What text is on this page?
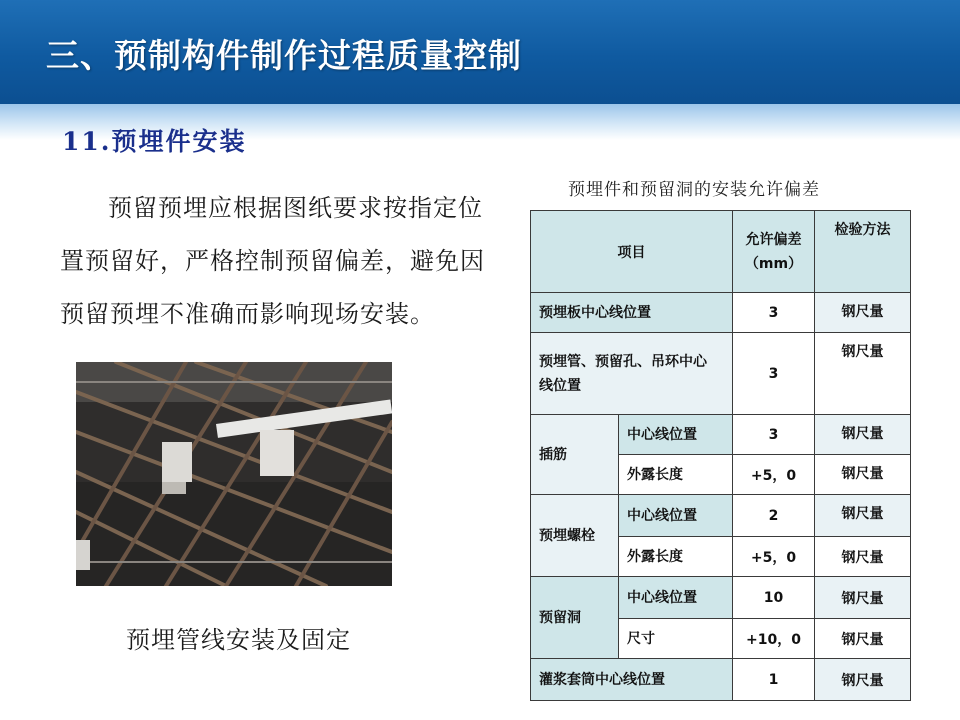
三、预制构件制作过程质量控制
11.预埋件安装
预留预埋应根据图纸要求按指定位置预留好，严格控制预留偏差，避免因预留预埋不准确而影响现场安装。
预埋管线安装及固定
预埋件和预留洞的安装允许偏差
项目		允许偏差（mm）	检验方法
预埋板中心线位置		3	钢尺量
预埋管、预留孔、吊环中心线位置		3	钢尺量
插筋	中心线位置	3	钢尺量
	外露长度	+5，0	钢尺量
预埋螺栓	中心线位置	2	钢尺量
	外露长度	+5，0	钢尺量
预留洞	中心线位置	10	钢尺量
	尺寸	+10，0	钢尺量
灌浆套筒中心线位置		1	钢尺量
